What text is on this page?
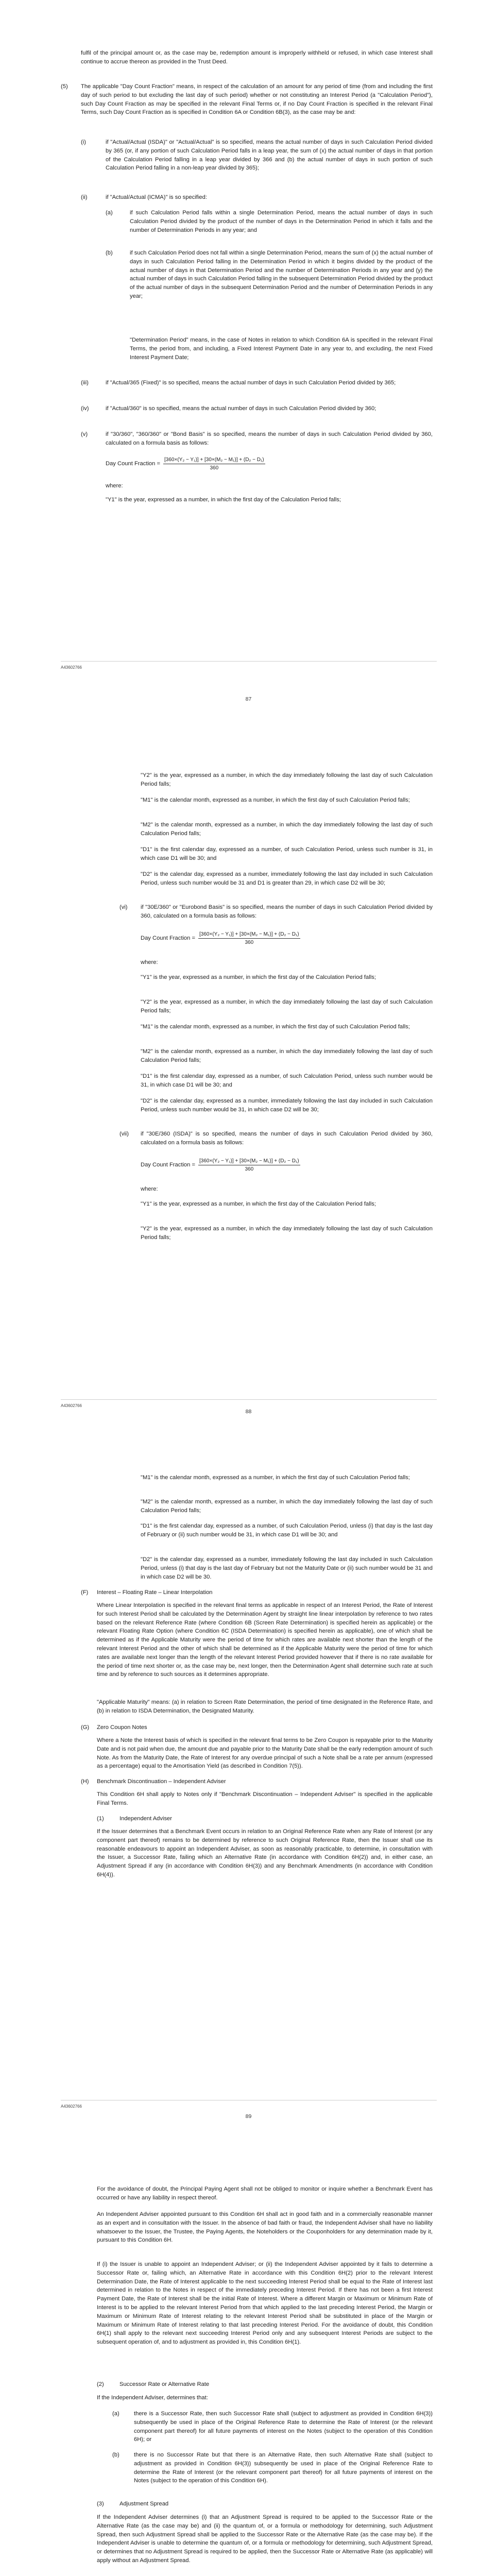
fulfil of the principal amount or, as the case may be, redemption amount is improperly withheld or refused, in which case Interest shall continue to accrue thereon as provided in the Trust Deed.

(5) The applicable "Day Count Fraction" means, in respect of the calculation of an amount for any period of time (from and including the first day of such period to but excluding the last day of such period) whether or not constituting an Interest Period (a "Calculation Period"), such Day Count Fraction as may be specified in the relevant Final Terms or, if no Day Count Fraction is specified in the relevant Final Terms, such Day Count Fraction as is specified in Condition 6A or Condition 6B(3), as the case may be and:

(i)	if "Actual/Actual (ISDA)" or "Actual/Actual" is so specified, means the actual number of days in such Calculation Period divided by 365 (or, if any portion of such Calculation Period falls in a leap year, the sum of (x) the actual number of days in that portion of the Calculation Period falling in a leap year divided by 366 and (b) the actual number of days in such portion of such Calculation Period falling in a non-leap year divided by 365);

(ii)	if "Actual/Actual (ICMA)" is so specified:

(a)	if such Calculation Period falls within a single Determination Period, means the actual number of days in such Calculation Period divided by the product of the number of days in the Determination Period in which it falls and the number of Determination Periods in any year; and

(b)	if such Calculation Period does not fall within a single Determination Period, means the sum of (x) the actual number of days in such Calculation Period falling in the Determination Period in which it begins divided by the product of the actual number of days in that Determination Period and the number of Determination Periods in any year and (y) the actual number of days in such Calculation Period falling in the subsequent Determination Period divided by the product of the actual number of days in the subsequent Determination Period and the number of Determination Periods in any year;

"Determination Period" means, in the case of Notes in relation to which Condition 6A is specified in the relevant Final Terms, the period from, and including, a Fixed Interest Payment Date in any year to, and excluding, the next Fixed Interest Payment Date;

(iii)	if "Actual/365 (Fixed)" is so specified, means the actual number of days in such Calculation Period divided by 365;

(iv)	if "Actual/360" is so specified, means the actual number of days in such Calculation Period divided by 360;

(v)	if "30/360", "360/360" or "Bond Basis" is so specified, means the number of days in such Calculation Period divided by 360, calculated on a formula basis as follows:

Day Count Fraction = $\frac{\text{[360×(Y₂ − Y₁)] + [30×(M₂ − M₁)] + (D₂ − D₁)}}{360}$

where:

"Y1" is the year, expressed as a number, in which the first day of the Calculation Period falls;

A43602766
87

"Y2" is the year, expressed as a number, in which the day immediately following the last day of such Calculation Period falls;

"M1" is the calendar month, expressed as a number, in which the first day of such Calculation Period falls;

"M2" is the calendar month, expressed as a number, in which the day immediately following the last day of such Calculation Period falls;

"D1" is the first calendar day, expressed as a number, of such Calculation Period, unless such number is 31, in which case D1 will be 30; and

"D2" is the calendar day, expressed as a number, immediately following the last day included in such Calculation Period, unless such number would be 31 and D1 is greater than 29, in which case D2 will be 30;

(vi) if "30E/360" or "Eurobond Basis" is so specified, means the number of days in such Calculation Period divided by 360, calculated on a formula basis as follows:

Day Count Fraction = $\frac{\text{[360×(Y₂ − Y₁)] + [30×(M₂ − M₁)] + (D₂ − D₁)}}{360}$

where:

"Y1" is the year, expressed as a number, in which the first day of the Calculation Period falls;

"Y2" is the year, expressed as a number, in which the day immediately following the last day of such Calculation Period falls;

"M1" is the calendar month, expressed as a number, in which the first day of such Calculation Period falls;

"M2" is the calendar month, expressed as a number, in which the day immediately following the last day of such Calculation Period falls;

"D1" is the first calendar day, expressed as a number, of such Calculation Period, unless such number would be 31, in which case D1 will be 30; and

"D2" is the calendar day, expressed as a number, immediately following the last day included in such Calculation Period, unless such number would be 31, in which case D2 will be 30;

(vii) if "30E/360 (ISDA)" is so specified, means the number of days in such Calculation Period divided by 360, calculated on a formula basis as follows:

Day Count Fraction = $\frac{\text{[360×(Y₂ − Y₁)] + [30×(M₂ − M₁)] + (D₂ − D₁)}}{360}$

where:

"Y1" is the year, expressed as a number, in which the first day of the Calculation Period falls;

"Y2" is the year, expressed as a number, in which the day immediately following the last day of such Calculation Period falls;

A43602766
88

"M1" is the calendar month, expressed as a number, in which the first day of such Calculation Period falls;

"M2" is the calendar month, expressed as a number, in which the day immediately following the last day of such Calculation Period falls;

"D1" is the first calendar day, expressed as a number, of such Calculation Period, unless (i) that day is the last day of February or (ii) such number would be 31, in which case D1 will be 30; and

"D2" is the calendar day, expressed as a number, immediately following the last day included in such Calculation Period, unless (i) that day is the last day of February but not the Maturity Date or (ii) such number would be 31 and in which case D2 will be 30.

(F) Interest – Floating Rate – Linear Interpolation

Where Linear Interpolation is specified in the relevant final terms as applicable in respect of an Interest Period, the Rate of Interest for such Interest Period shall be calculated by the Determination Agent by straight line linear interpolation by reference to two rates based on the relevant Reference Rate (where Condition 6B (Screen Rate Determination) is specified herein as applicable) or the relevant Floating Rate Option (where Condition 6C (ISDA Determination) is specified herein as applicable), one of which shall be determined as if the Applicable Maturity were the period of time for which rates are available next shorter than the length of the relevant Interest Period and the other of which shall be determined as if the Applicable Maturity were the period of time for which rates are available next longer than the length of the relevant Interest Period provided however that if there is no rate available for the period of time next shorter or, as the case may be, next longer, then the Determination Agent shall determine such rate at such time and by reference to such sources as it determines appropriate.

"Applicable Maturity" means: (a) in relation to Screen Rate Determination, the period of time designated in the Reference Rate, and (b) in relation to ISDA Determination, the Designated Maturity.

(G) Zero Coupon Notes

Where a Note the Interest basis of which is specified in the relevant final terms to be Zero Coupon is repayable prior to the Maturity Date and is not paid when due, the amount due and payable prior to the Maturity Date shall be the early redemption amount of such Note. As from the Maturity Date, the Rate of Interest for any overdue principal of such a Note shall be a rate per annum (expressed as a percentage) equal to the Amortisation Yield (as described in Condition 7(5)).

(H) Benchmark Discontinuation – Independent Adviser

This Condition 6H shall apply to Notes only if "Benchmark Discontinuation – Independent Adviser" is specified in the applicable Final Terms.

(1)	Independent Adviser

If the Issuer determines that a Benchmark Event occurs in relation to an Original Reference Rate when any Rate of Interest (or any component part thereof) remains to be determined by reference to such Original Reference Rate, then the Issuer shall use its reasonable endeavours to appoint an Independent Adviser, as soon as reasonably practicable, to determine, in consultation with the Issuer, a Successor Rate, failing which an Alternative Rate (in accordance with Condition 6H(2)) and, in either case, an Adjustment Spread if any (in accordance with Condition 6H(3)) and any Benchmark Amendments (in accordance with Condition 6H(4)).

A43602766
89

For the avoidance of doubt, the Principal Paying Agent shall not be obliged to monitor or inquire whether a Benchmark Event has occurred or have any liability in respect thereof.

An Independent Adviser appointed pursuant to this Condition 6H shall act in good faith and in a commercially reasonable manner as an expert and in consultation with the Issuer. In the absence of bad faith or fraud, the Independent Adviser shall have no liability whatsoever to the Issuer, the Trustee, the Paying Agents, the Noteholders or the Couponholders for any determination made by it, pursuant to this Condition 6H.

If (i) the Issuer is unable to appoint an Independent Adviser; or (ii) the Independent Adviser appointed by it fails to determine a Successor Rate or, failing which, an Alternative Rate in accordance with this Condition 6H(2) prior to the relevant Interest Determination Date, the Rate of Interest applicable to the next succeeding Interest Period shall be equal to the Rate of Interest last determined in relation to the Notes in respect of the immediately preceding Interest Period. If there has not been a first Interest Payment Date, the Rate of Interest shall be the initial Rate of Interest. Where a different Margin or Maximum or Minimum Rate of Interest is to be applied to the relevant Interest Period from that which applied to the last preceding Interest Period, the Margin or Maximum or Minimum Rate of Interest relating to the relevant Interest Period shall be substituted in place of the Margin or Maximum or Minimum Rate of Interest relating to that last preceding Interest Period. For the avoidance of doubt, this Condition 6H(1) shall apply to the relevant next succeeding Interest Period only and any subsequent Interest Periods are subject to the subsequent operation of, and to adjustment as provided in, this Condition 6H(1).

(2)	Successor Rate or Alternative Rate

If the Independent Adviser, determines that:

(a)	there is a Successor Rate, then such Successor Rate shall (subject to adjustment as provided in Condition 6H(3)) subsequently be used in place of the Original Reference Rate to determine the Rate of Interest (or the relevant component part thereof) for all future payments of interest on the Notes (subject to the operation of this Condition 6H); or

(b)	there is no Successor Rate but that there is an Alternative Rate, then such Alternative Rate shall (subject to adjustment as provided in Condition 6H(3)) subsequently be used in place of the Original Reference Rate to determine the Rate of Interest (or the relevant component part thereof) for all future payments of interest on the Notes (subject to the operation of this Condition 6H).

(3)	Adjustment Spread

If the Independent Adviser determines (i) that an Adjustment Spread is required to be applied to the Successor Rate or the Alternative Rate (as the case may be) and (ii) the quantum of, or a formula or methodology for determining, such Adjustment Spread, then such Adjustment Spread shall be applied to the Successor Rate or the Alternative Rate (as the case may be). If the Independent Adviser is unable to determine the quantum of, or a formula or methodology for determining, such Adjustment Spread, or determines that no Adjustment Spread is required to be applied, then the Successor Rate or Alternative Rate (as applicable) will apply without an Adjustment Spread.
